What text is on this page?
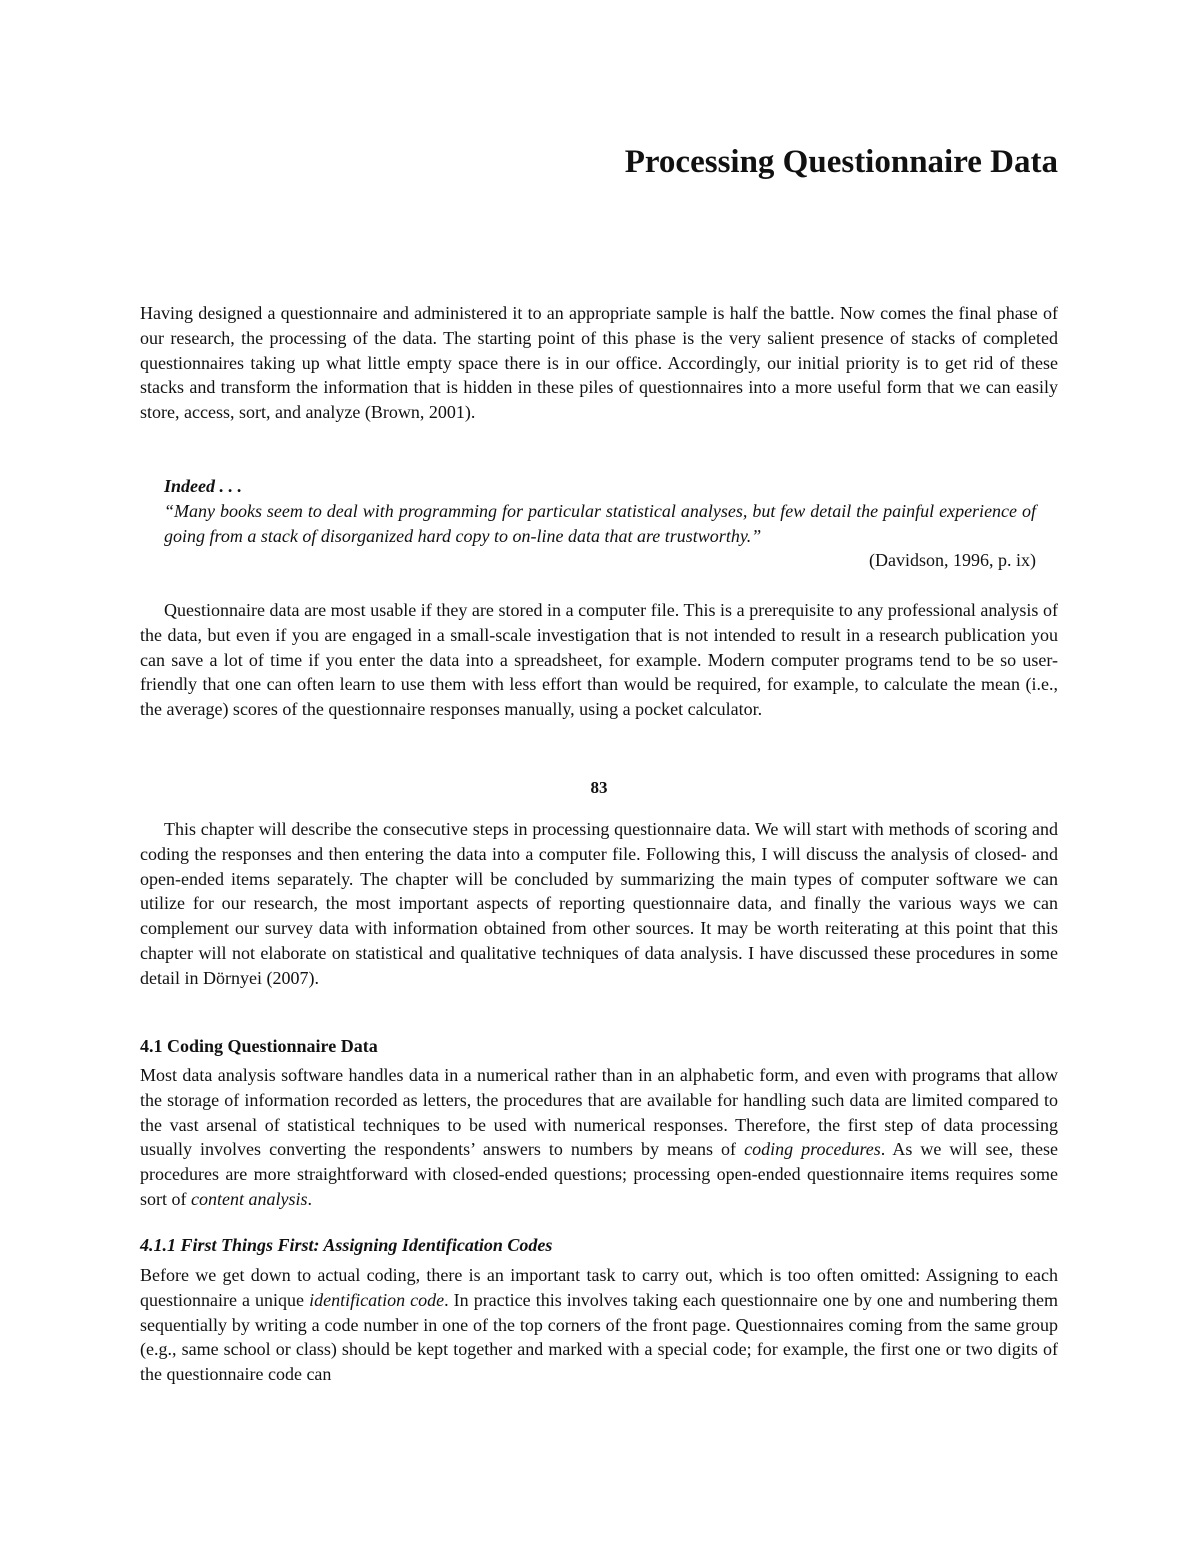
Processing Questionnaire Data

Having designed a questionnaire and administered it to an appropriate sample is half the battle. Now comes the final phase of our research, the processing of the data. The starting point of this phase is the very salient presence of stacks of completed questionnaires taking up what little empty space there is in our office. Accordingly, our initial priority is to get rid of these stacks and transform the information that is hidden in these piles of questionnaires into a more useful form that we can easily store, access, sort, and analyze (Brown, 2001).

Indeed . . .

“Many books seem to deal with programming for particular statistical analyses, but few detail the painful experience of going from a stack of disorganized hard copy to on-line data that are trustworthy.”

(Davidson, 1996, p. ix)

Questionnaire data are most usable if they are stored in a computer file. This is a prerequisite to any professional analysis of the data, but even if you are engaged in a small-scale investigation that is not intended to result in a research publication you can save a lot of time if you enter the data into a spreadsheet, for example. Modern computer programs tend to be so user-friendly that one can often learn to use them with less effort than would be required, for example, to calculate the mean (i.e., the average) scores of the questionnaire responses manually, using a pocket calculator.

83

This chapter will describe the consecutive steps in processing questionnaire data. We will start with methods of scoring and coding the responses and then entering the data into a computer file. Following this, I will discuss the analysis of closed- and open-ended items separately. The chapter will be concluded by summarizing the main types of computer software we can utilize for our research, the most important aspects of reporting questionnaire data, and finally the various ways we can complement our survey data with information obtained from other sources. It may be worth reiterating at this point that this chapter will not elaborate on statistical and qualitative techniques of data analysis. I have discussed these procedures in some detail in Dörnyei (2007).

4.1 Coding Questionnaire Data

Most data analysis software handles data in a numerical rather than in an alphabetic form, and even with programs that allow the storage of information recorded as letters, the procedures that are available for handling such data are limited compared to the vast arsenal of statistical techniques to be used with numerical responses. Therefore, the first step of data processing usually involves converting the respondents’ answers to numbers by means of coding procedures. As we will see, these procedures are more straightforward with closed-ended questions; processing open-ended questionnaire items requires some sort of content analysis.

4.1.1 First Things First: Assigning Identification Codes

Before we get down to actual coding, there is an important task to carry out, which is too often omitted: Assigning to each questionnaire a unique identification code. In practice this involves taking each questionnaire one by one and numbering them sequentially by writing a code number in one of the top corners of the front page. Questionnaires coming from the same group (e.g., same school or class) should be kept together and marked with a special code; for example, the first one or two digits of the questionnaire code can
